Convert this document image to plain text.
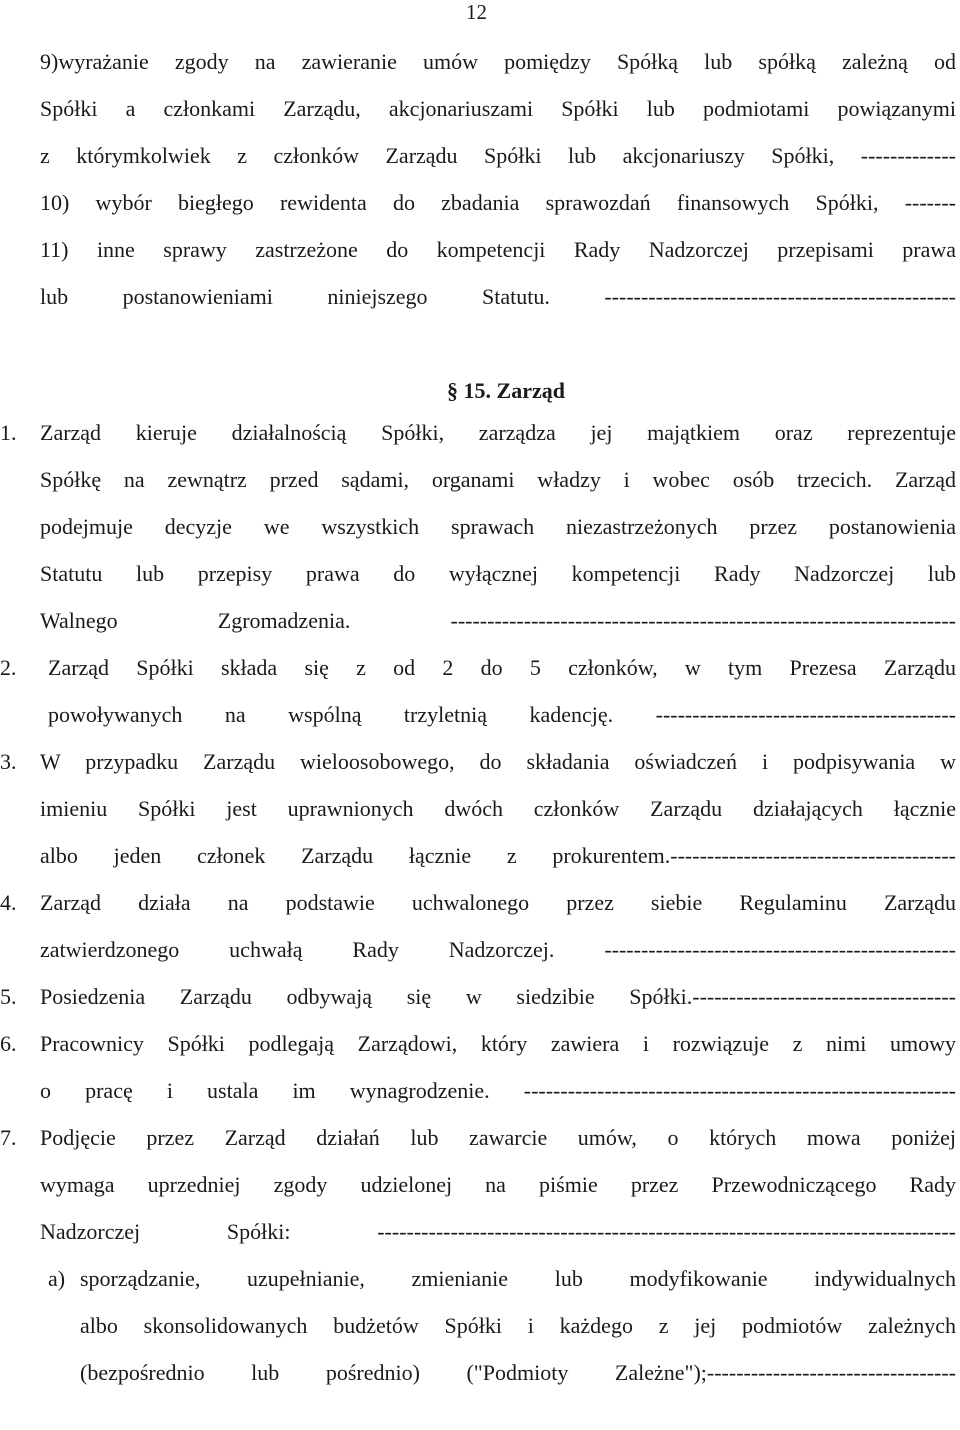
12
9)wyrażanie zgody na zawieranie umów pomiędzy Spółką lub spółką zależną od
Spółki a członkami Zarządu, akcjonariuszami Spółki lub podmiotami powiązanymi
z którymkolwiek z członków Zarządu Spółki lub akcjonariuszy Spółki, -------------
10) wybór biegłego rewidenta do zbadania sprawozdań finansowych Spółki, -------
11) inne sprawy zastrzeżone do kompetencji Rady Nadzorczej przepisami prawa
lub postanowieniami niniejszego Statutu. ------------------------------------------------
§ 15. Zarząd
1.	Zarząd kieruje działalnością Spółki, zarządza jej majątkiem oraz reprezentuje
Spółkę na zewnątrz przed sądami, organami władzy i wobec osób trzecich. Zarząd
podejmuje decyzje we wszystkich sprawach niezastrzeżonych przez postanowienia
Statutu lub przepisy prawa do wyłącznej kompetencji Rady Nadzorczej lub
Walnego Zgromadzenia. ---------------------------------------------------------------------
2.	Zarząd Spółki składa się z od 2 do 5 członków, w tym Prezesa Zarządu
powoływanych na wspólną trzyletnią kadencję. -----------------------------------------
3.	W przypadku Zarządu wieloosobowego, do składania oświadczeń i podpisywania w
imieniu Spółki jest uprawnionych dwóch członków Zarządu działających łącznie
albo jeden członek Zarządu łącznie z prokurentem.---------------------------------------
4.	Zarząd działa na podstawie uchwalonego przez siebie Regulaminu Zarządu
zatwierdzonego uchwałą Rady Nadzorczej. ------------------------------------------------
5.	Posiedzenia Zarządu odbywają się w siedzibie Spółki.------------------------------------
6.	Pracownicy Spółki podlegają Zarządowi, który zawiera i rozwiązuje z nimi umowy
o pracę i ustala im wynagrodzenie. -----------------------------------------------------------
7.	Podjęcie przez Zarząd działań lub zawarcie umów, o których mowa poniżej
wymaga uprzedniej zgody udzielonej na piśmie przez Przewodniczącego Rady
Nadzorczej Spółki: -------------------------------------------------------------------------------
a) sporządzanie, uzupełnianie, zmienianie lub modyfikowanie indywidualnych
albo skonsolidowanych budżetów Spółki i każdego z jej podmiotów zależnych
(bezpośrednio lub pośrednio) ("Podmioty Zależne");----------------------------------
